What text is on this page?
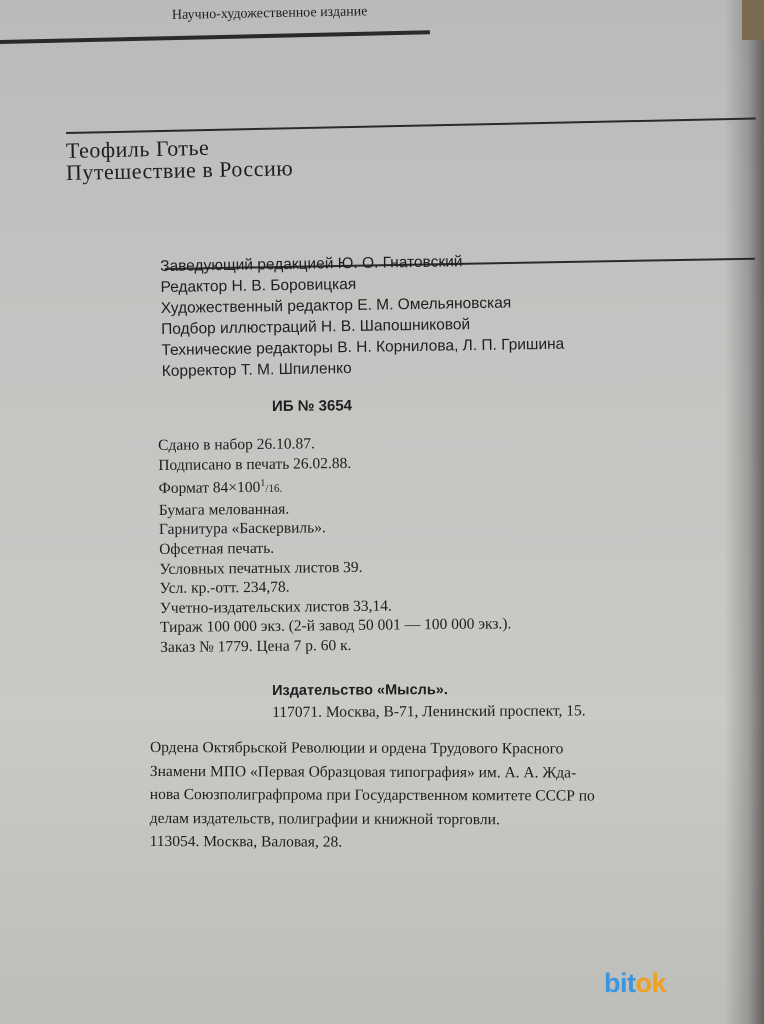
Научно-художественное издание
Теофиль Готье
Путешествие в Россию
Заведующий редакцией Ю. О. Гнатовский
Редактор Н. В. Боровицкая
Художественный редактор Е. М. Омельяновская
Подбор иллюстраций Н. В. Шапошниковой
Технические редакторы В. Н. Корнилова, Л. П. Гришина
Корректор Т. М. Шпиленко
ИБ № 3654
Сдано в набор 26.10.87.
Подписано в печать 26.02.88.
Формат $84\times 100^1/16$.
Бумага мелованная.
Гарнитура «Баскервиль».
Офсетная печать.
Условных печатных листов 39.
Усл. кр.-отт. 234,78.
Учетно-издательских листов 33,14.
Тираж 100 000 экз. (2-й завод 50 001 — 100 000 экз.).
Заказ № 1779. Цена 7 р. 60 к.
Издательство «Мысль».
117071. Москва, В-71, Ленинский проспект, 15.
Ордена Октябрьской Революции и ордена Трудового Красного
Знамени МПО «Первая Образцовая типография» им. А. А. Жда-
нова Союзполиграфпрома при Государственном комитете СССР по
делам издательств, полиграфии и книжной торговли.
113054. Москва, Валовая, 28.
bitok
